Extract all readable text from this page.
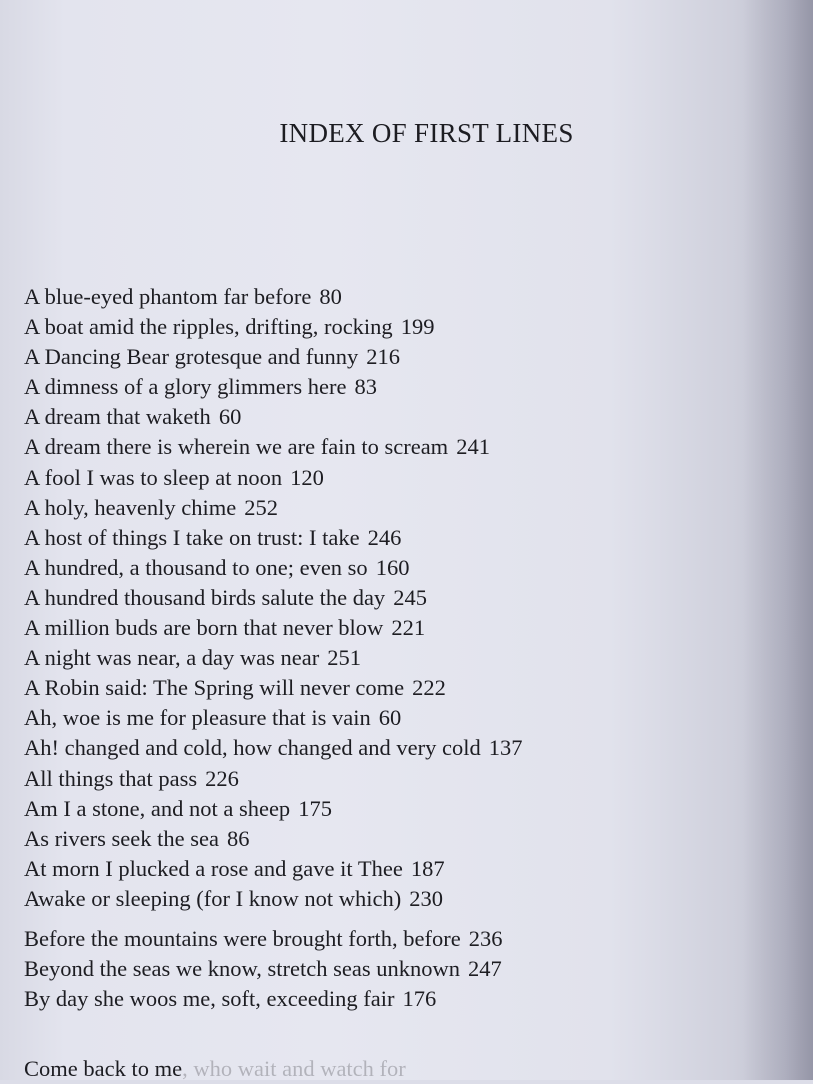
INDEX OF FIRST LINES
A blue-eyed phantom far before 80
A boat amid the ripples, drifting, rocking 199
A Dancing Bear grotesque and funny 216
A dimness of a glory glimmers here 83
A dream that waketh 60
A dream there is wherein we are fain to scream 241
A fool I was to sleep at noon 120
A holy, heavenly chime 252
A host of things I take on trust: I take 246
A hundred, a thousand to one; even so 160
A hundred thousand birds salute the day 245
A million buds are born that never blow 221
A night was near, a day was near 251
A Robin said: The Spring will never come 222
Ah, woe is me for pleasure that is vain 60
Ah! changed and cold, how changed and very cold 137
All things that pass 226
Am I a stone, and not a sheep 175
As rivers seek the sea 86
At morn I plucked a rose and gave it Thee 187
Awake or sleeping (for I know not which) 230
Before the mountains were brought forth, before 236
Beyond the seas we know, stretch seas unknown 247
By day she woos me, soft, exceeding fair 176
Come back to me, who wait and watch for
